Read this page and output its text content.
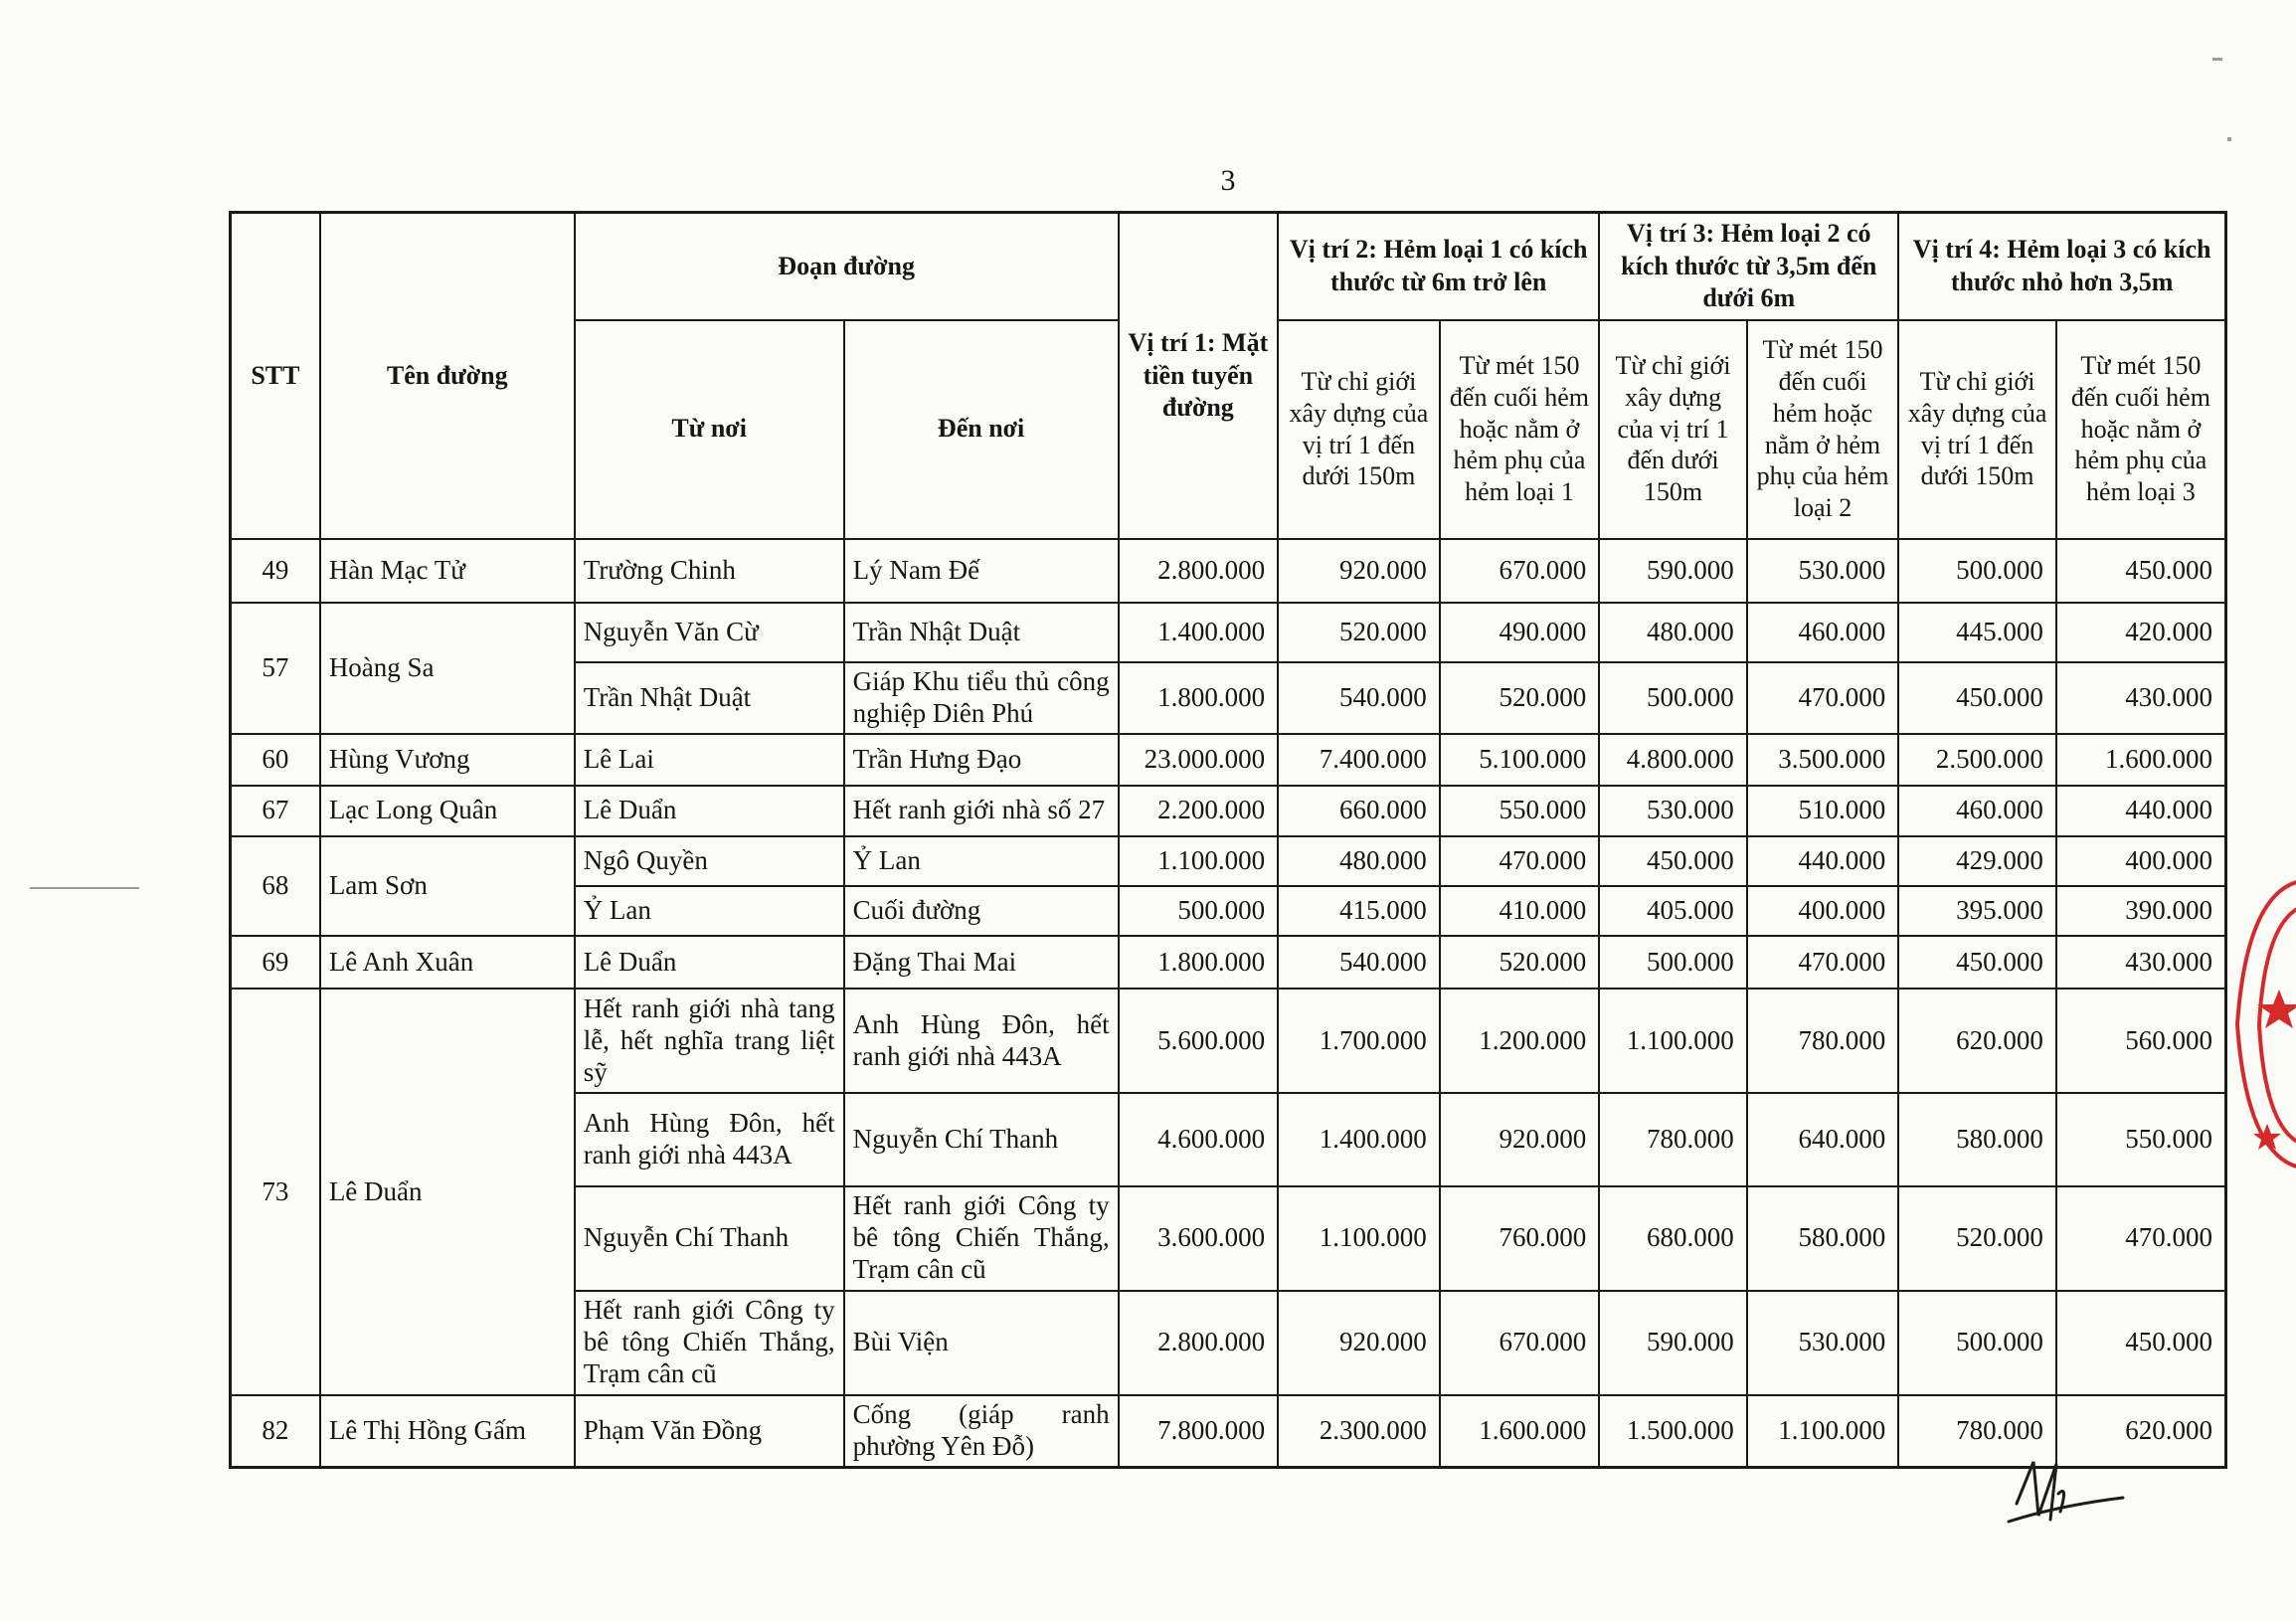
3
STT	Tên đường	Đoạn đường		Vị trí 1: Mặt tiền tuyến đường	Vị trí 2: Hẻm loại 1 có kích thước từ 6m trở lên		Vị trí 3: Hẻm loại 2 có kích thước từ 3,5m đến dưới 6m		Vị trí 4: Hẻm loại 3 có kích thước nhỏ hơn 3,5m	
		Từ nơi	Đến nơi		Từ chỉ giới xây dựng của vị trí 1 đến dưới 150m	Từ mét 150 đến cuối hẻm hoặc nằm ở hẻm phụ của hẻm loại 1	Từ chỉ giới xây dựng của vị trí 1 đến dưới 150m	Từ mét 150 đến cuối hẻm hoặc nằm ở hẻm phụ của hẻm loại 2	Từ chỉ giới xây dựng của vị trí 1 đến dưới 150m	Từ mét 150 đến cuối hẻm hoặc nằm ở hẻm phụ của hẻm loại 3
49	Hàn Mạc Tử	Trường Chinh	Lý Nam Đế	2.800.000	920.000	670.000	590.000	530.000	500.000	450.000
57	Hoàng Sa	Nguyễn Văn Cừ	Trần Nhật Duật	1.400.000	520.000	490.000	480.000	460.000	445.000	420.000
		Trần Nhật Duật	Giáp Khu tiểu thủ công nghiệp Diên Phú	1.800.000	540.000	520.000	500.000	470.000	450.000	430.000
60	Hùng Vương	Lê Lai	Trần Hưng Đạo	23.000.000	7.400.000	5.100.000	4.800.000	3.500.000	2.500.000	1.600.000
67	Lạc Long Quân	Lê Duẩn	Hết ranh giới nhà số 27	2.200.000	660.000	550.000	530.000	510.000	460.000	440.000
68	Lam Sơn	Ngô Quyền	Ỷ Lan	1.100.000	480.000	470.000	450.000	440.000	429.000	400.000
		Ỷ Lan	Cuối đường	500.000	415.000	410.000	405.000	400.000	395.000	390.000
69	Lê Anh Xuân	Lê Duẩn	Đặng Thai Mai	1.800.000	540.000	520.000	500.000	470.000	450.000	430.000
73	Lê Duẩn	Hết ranh giới nhà tang lễ, hết nghĩa trang liệt sỹ	Anh Hùng Đôn, hết ranh giới nhà 443A	5.600.000	1.700.000	1.200.000	1.100.000	780.000	620.000	560.000
		Anh Hùng Đôn, hết ranh giới nhà 443A	Nguyễn Chí Thanh	4.600.000	1.400.000	920.000	780.000	640.000	580.000	550.000
		Nguyễn Chí Thanh	Hết ranh giới Công ty bê tông Chiến Thắng, Trạm cân cũ	3.600.000	1.100.000	760.000	680.000	580.000	520.000	470.000
		Hết ranh giới Công ty bê tông Chiến Thắng, Trạm cân cũ	Bùi Viện	2.800.000	920.000	670.000	590.000	530.000	500.000	450.000
82	Lê Thị Hồng Gấm	Phạm Văn Đồng	Cống (giáp ranh phường Yên Đỗ)	7.800.000	2.300.000	1.600.000	1.500.000	1.100.000	780.000	620.000
